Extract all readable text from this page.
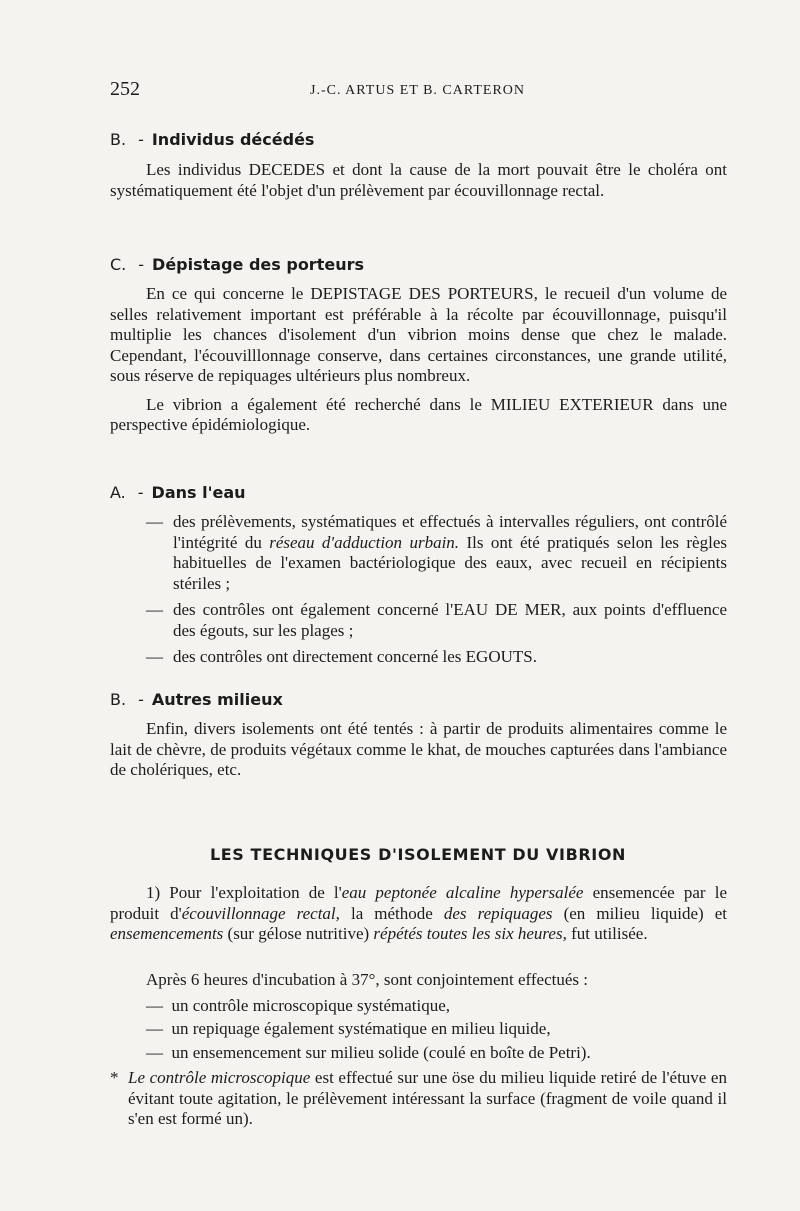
252	J.-C. ARTUS ET B. CARTERON
B. - Individus décédés

Les individus DECEDES et dont la cause de la mort pouvait être le choléra ont systématiquement été l'objet d'un prélèvement par écouvillonnage rectal.

C. - Dépistage des porteurs

En ce qui concerne le DEPISTAGE DES PORTEURS, le recueil d'un volume de selles relativement important est préférable à la récolte par écouvillonnage, puisqu'il multiplie les chances d'isolement d'un vibrion moins dense que chez le malade. Cependant, l'écouvilllonnage conserve, dans certaines circonstances, une grande utilité, sous réserve de repiquages ultérieurs plus nombreux.

Le vibrion a également été recherché dans le MILIEU EXTERIEUR dans une perspective épidémiologique.

A. - Dans l'eau
— des prélèvements, systématiques et effectués à intervalles réguliers, ont contrôlé l'intégrité du réseau d'adduction urbain. Ils ont été pratiqués selon les règles habituelles de l'examen bactériologique des eaux, avec recueil en récipients stériles ;
— des contrôles ont également concerné l'EAU DE MER, aux points d'effluence des égouts, sur les plages ;
— des contrôles ont directement concerné les EGOUTS.
B. - Autres milieux

Enfin, divers isolements ont été tentés : à partir de produits alimentaires comme le lait de chèvre, de produits végétaux comme le khat, de mouches capturées dans l'ambiance de cholériques, etc.

LES TECHNIQUES D'ISOLEMENT DU VIBRION

1) Pour l'exploitation de l'eau peptonée alcaline hypersalée ensemencée par le produit d'écouvillonnage rectal, la méthode des repiquages (en milieu liquide) et ensemencements (sur gélose nutritive) répétés toutes les six heures, fut utilisée.

Après 6 heures d'incubation à 37°, sont conjointement effectués :
— un contrôle microscopique systématique,
— un repiquage également systématique en milieu liquide,
— un ensemencement sur milieu solide (coulé en boîte de Petri).
* Le contrôle microscopique est effectué sur une öse du milieu liquide retiré de l'étuve en évitant toute agitation, le prélèvement intéressant la surface (fragment de voile quand il s'en est formé un).
